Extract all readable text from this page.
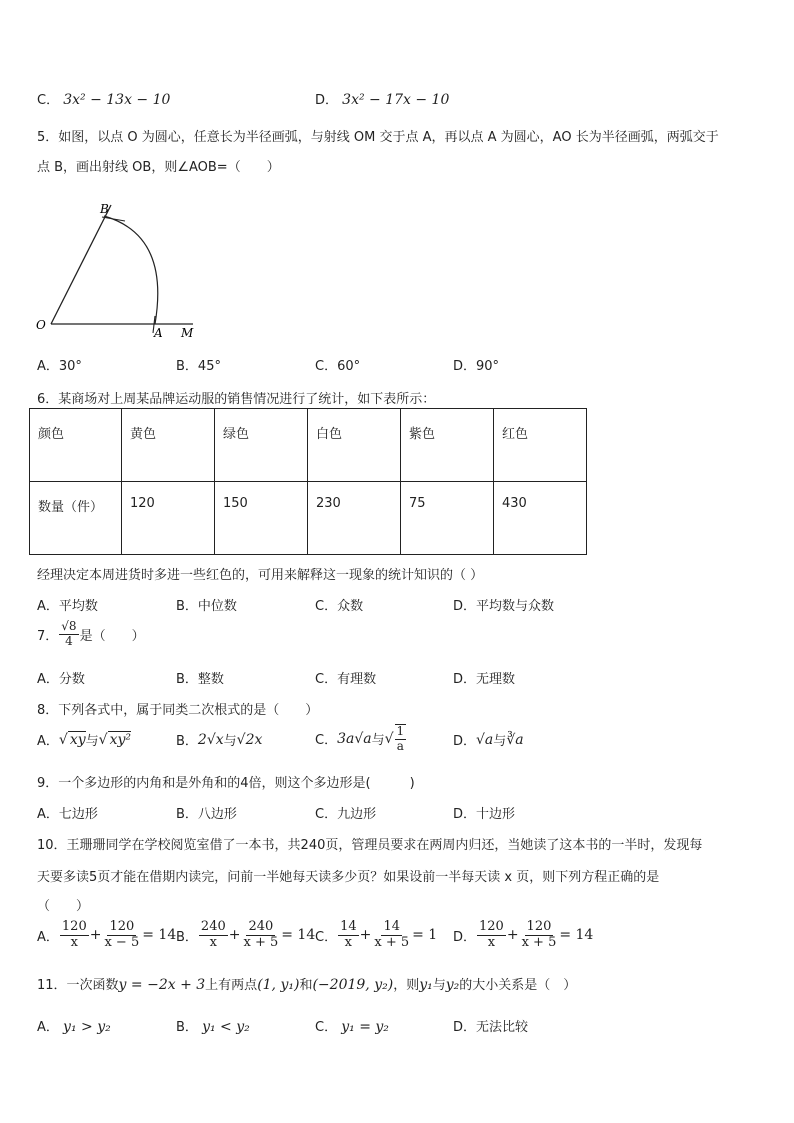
C． 3x² − 13x − 10	D． 3x² − 17x − 10
5．如图，以点 O 为圆心，任意长为半径画弧，与射线 OM 交于点 A，再以点 A 为圆心，AO 长为半径画弧，两弧交于
点 B，画出射线 OB，则∠AOB=（　　）
O
A M
B
A．30°	B．45°	C．60°	D．90°
6．某商场对上周某品牌运动服的销售情况进行了统计，如下表所示：
颜色	黄色	绿色	白色	紫色	红色
数量（件）	120	150	230	75	430
经理决定本周进货时多进一些红色的，可用来解释这一现象的统计知识的（ ）
A．平均数	B．中位数	C．众数	D．平均数与众数
7． $\frac{√8}{4}$ 是（　　）
A．分数	B．整数	C．有理数	D．无理数
8．下列各式中，属于同类二次根式的是（　　）
A． √ xy 与 √ xy²	B． 2√x 与 √2x	C． 3a√a 与 √ $\frac{1}{a}$	D． √a 与 ∛a
9．一个多边形的内角和是外角和的4倍，则这个多边形是(　　　)
A．七边形	B．八边形	C．九边形	D．十边形
10．王珊珊同学在学校阅览室借了一本书，共240页，管理员要求在两周内归还，当她读了这本书的一半时，发现每
天要多读5页才能在借期内读完，问前一半她每天读多少页？如果设前一半每天读 x 页，则下列方程正确的是
（　　）
A． $\frac{120}{x} + \frac{120}{x - 5} = 14$ B． $\frac{240}{x} + \frac{240}{x + 5} = 14$ C． $\frac{14}{x} + \frac{14}{x + 5} = 1$ D． $\frac{120}{x} + \frac{120}{x + 5} = 14$
11．一次函数y = −2x + 3上有两点(1, y₁)和(−2019, y₂)，则y₁与y₂的大小关系是（　）
A． y₁ > y₂	B． y₁ < y₂	C． y₁ = y₂	D．无法比较
